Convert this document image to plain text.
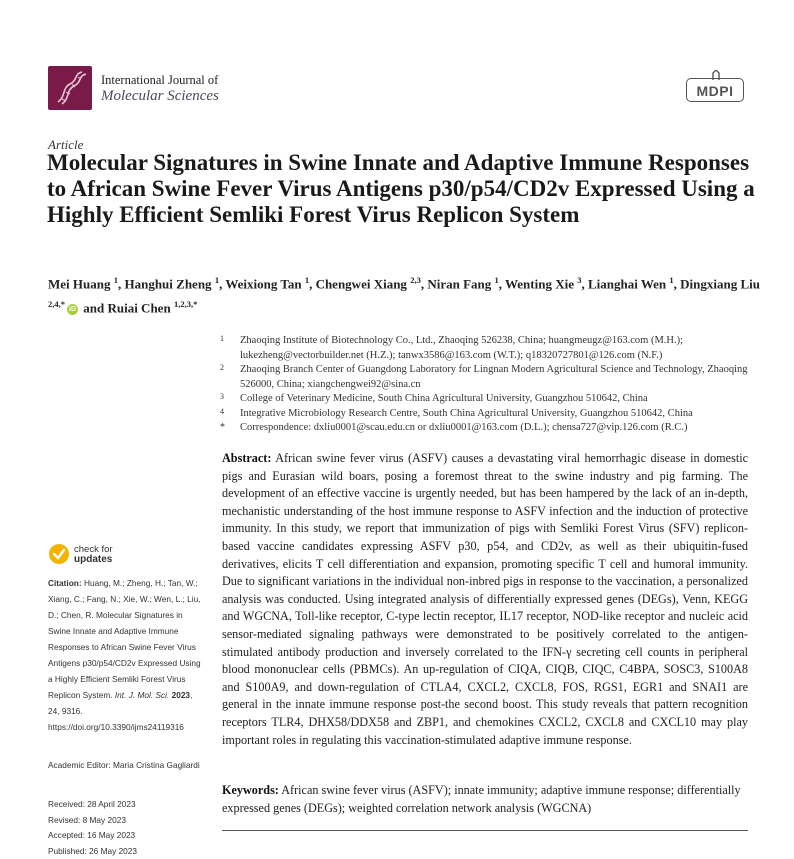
International Journal of
Molecular Sciences	MDPI
Article
Molecular Signatures in Swine Innate and Adaptive Immune Responses to African Swine Fever Virus Antigens p30/p54/CD2v Expressed Using a Highly Efficient Semliki Forest Virus Replicon System
Mei Huang $^1$, Hanghui Zheng $^1$, Weixiong Tan $^1$, Chengwei Xiang $^{2,3}$, Niran Fang $^1$, Wenting Xie $^3$, Lianghai Wen $^1$, Dingxiang Liu $^{2,4,*}$iD and Ruiai Chen $^{1,2,3,*}$
1 Zhaoqing Institute of Biotechnology Co., Ltd., Zhaoqing 526238, China; huangmeugz@163.com (M.H.); lukezheng@vectorbuilder.net (H.Z.); tanwx3586@163.com (W.T.); q18320727801@126.com (N.F.)
2 Zhaoqing Branch Center of Guangdong Laboratory for Lingnan Modern Agricultural Science and Technology, Zhaoqing 526000, China; xiangchengwei92@sina.cn
3 College of Veterinary Medicine, South China Agricultural University, Guangzhou 510642, China
4 Integrative Microbiology Research Centre, South China Agricultural University, Guangzhou 510642, China
* Correspondence: dxliu0001@scau.edu.cn or dxliu0001@163.com (D.L.); chensa727@vip.126.com (R.C.)
Abstract: African swine fever virus (ASFV) causes a devastating viral hemorrhagic disease in domestic pigs and Eurasian wild boars, posing a foremost threat to the swine industry and pig farming. The development of an effective vaccine is urgently needed, but has been hampered by the lack of an in-depth, mechanistic understanding of the host immune response to ASFV infection and the induction of protective immunity. In this study, we report that immunization of pigs with Semliki Forest Virus (SFV) replicon-based vaccine candidates expressing ASFV p30, p54, and CD2v, as well as their ubiquitin-fused derivatives, elicits T cell differentiation and expansion, promoting specific T cell and humoral immunity. Due to significant variations in the individual non-inbred pigs in response to the vaccination, a personalized analysis was conducted. Using integrated analysis of differentially expressed genes (DEGs), Venn, KEGG and WGCNA, Toll-like receptor, C-type lectin receptor, IL17 receptor, NOD-like receptor and nucleic acid sensor-mediated signaling pathways were demonstrated to be positively correlated to the antigen-stimulated antibody production and inversely correlated to the IFN-γ secreting cell counts in peripheral blood mononuclear cells (PBMCs). An up-regulation of CIQA, CIQB, CIQC, C4BPA, SOSC3, S100A8 and S100A9, and down-regulation of CTLA4, CXCL2, CXCL8, FOS, RGS1, EGR1 and SNAI1 are general in the innate immune response post-the second boost. This study reveals that pattern recognition receptors TLR4, DHX58/DDX58 and ZBP1, and chemokines CXCL2, CXCL8 and CXCL10 may play important roles in regulating this vaccination-stimulated adaptive immune response.
Keywords: African swine fever virus (ASFV); innate immunity; adaptive immune response; differentially expressed genes (DEGs); weighted correlation network analysis (WGCNA)
check for
updates
Citation: Huang, M.; Zheng, H.; Tan, W.; Xiang, C.; Fang, N.; Xie, W.; Wen, L.; Liu, D.; Chen, R. Molecular Signatures in Swine Innate and Adaptive Immune Responses to African Swine Fever Virus Antigens p30/p54/CD2v Expressed Using a Highly Efficient Semliki Forest Virus Replicon System. Int. J. Mol. Sci. 2023, 24, 9316. https://doi.org/10.3390/ijms24119316
Academic Editor: Maria Cristina Gagliardi
Received: 28 April 2023
Revised: 8 May 2023
Accepted: 16 May 2023
Published: 26 May 2023
